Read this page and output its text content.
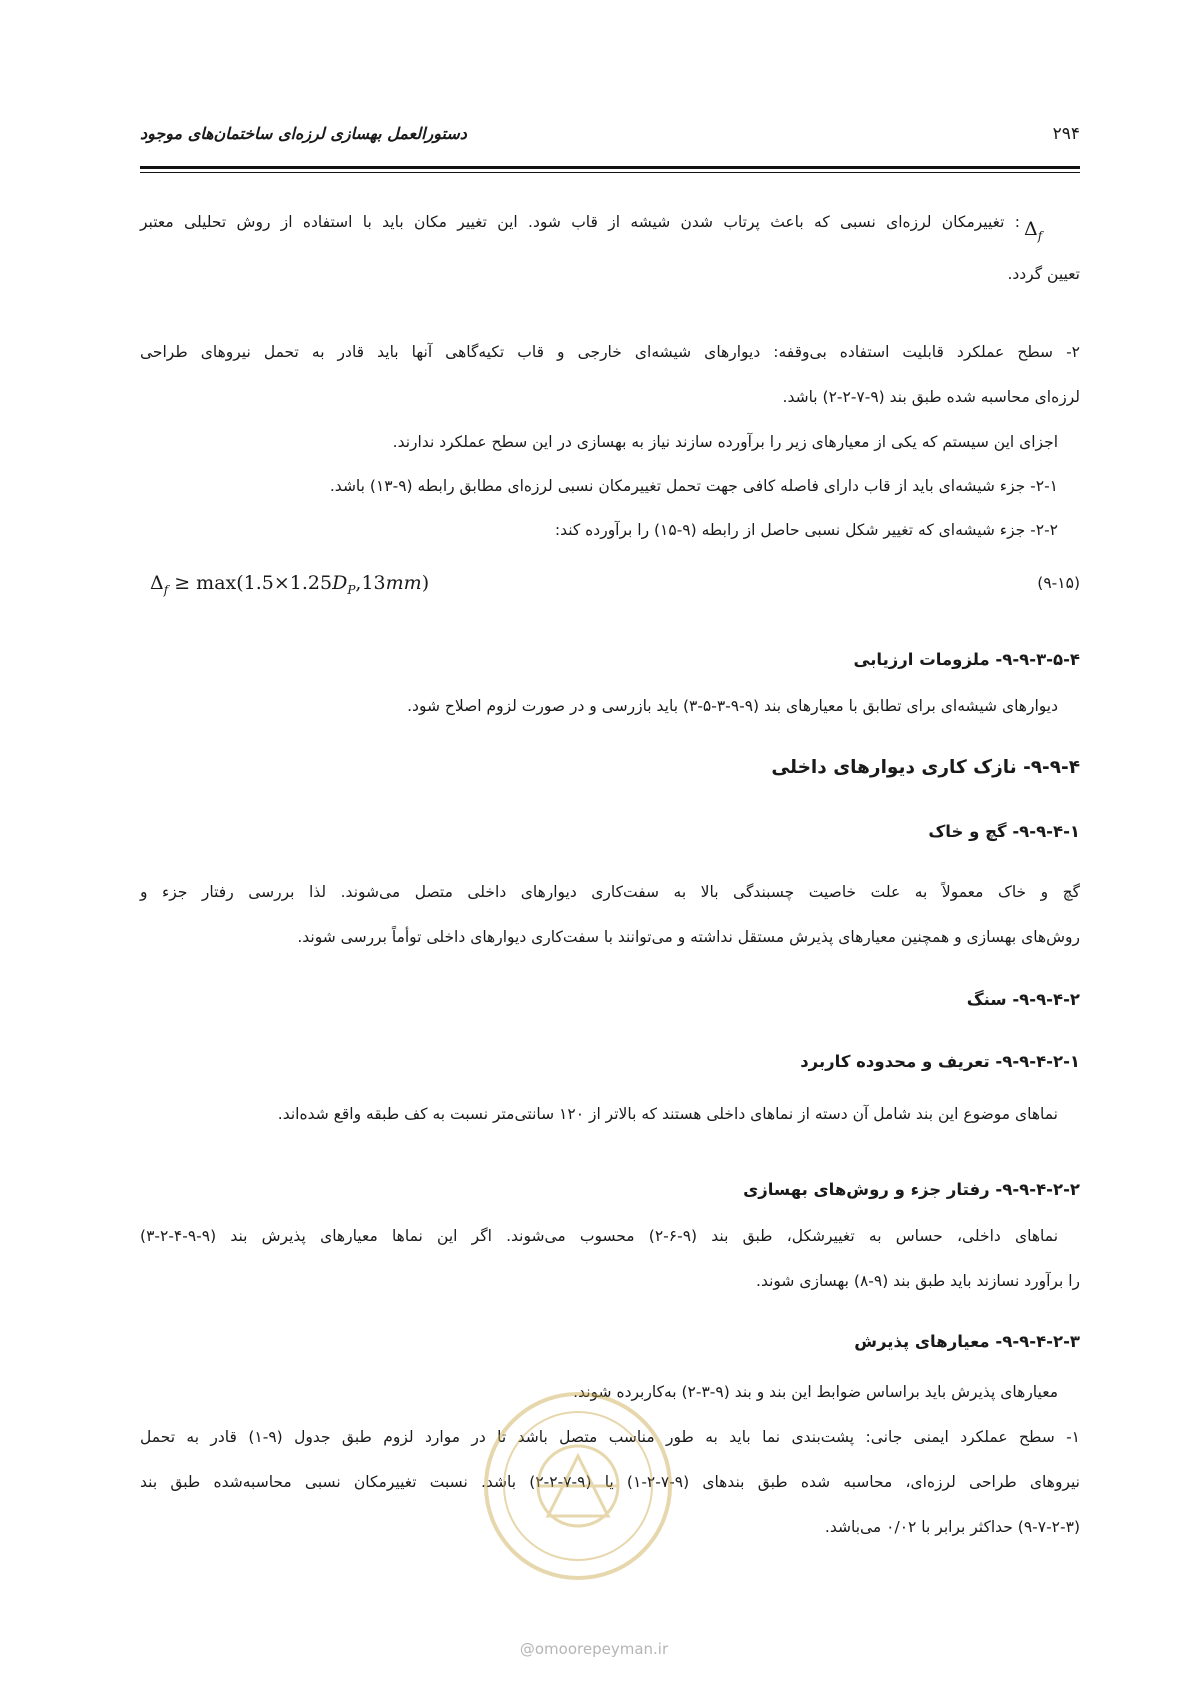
۲۹۴
دستورالعمل بهسازی لرزه‌ای ساختمان‌های موجود
$\Delta_f$
: تغییرمکان لرزه‌ای نسبی که باعث پرتاب شدن شیشه از قاب شود. این تغییر مکان باید با استفاده از روش تحلیلی معتبر
تعیین گردد.
۲- سطح عملکرد قابلیت استفاده بی‌وقفه: دیوارهای شیشه‌ای خارجی و قاب تکیه‌گاهی آنها باید قادر به تحمل نیروهای طراحی
لرزه‌ای محاسبه شده طبق بند (۹-۷-۲-۲) باشد.
اجزای این سیستم که یکی از معیارهای زیر را برآورده سازند نیاز به بهسازی در این سطح عملکرد ندارند.
۲-۱- جزء شیشه‌ای باید از قاب دارای فاصله کافی جهت تحمل تغییرمکان نسبی لرزه‌ای مطابق رابطه (۹-۱۳) باشد.
۲-۲- جزء شیشه‌ای که تغییر شکل نسبی حاصل از رابطه (۹-۱۵) را برآورده کند:
$\Delta_f \ge \max(1.5\times 1.25D_P,13mm)$	(۹-۱۵)
۹-۹-۳-۵-۴- ملزومات ارزیابی
دیوارهای شیشه‌ای برای تطابق با معیارهای بند (۹-۹-۳-۵-۳) باید بازرسی و در صورت لزوم اصلاح شود.
۹-۹-۴- نازک کاری دیوارهای داخلی
۹-۹-۴-۱- گچ و خاک
گچ و خاک معمولاً به علت خاصیت چسبندگی بالا به سفت‌کاری دیوارهای داخلی متصل می‌شوند. لذا بررسی رفتار جزء و
روش‌های بهسازی و همچنین معیارهای پذیرش مستقل نداشته و می‌توانند با سفت‌کاری دیوارهای داخلی توأماً بررسی شوند.
۹-۹-۴-۲- سنگ
۹-۹-۴-۲-۱- تعریف و محدوده کاربرد
نماهای موضوع این بند شامل آن دسته از نماهای داخلی هستند که بالاتر از ۱۲۰ سانتی‌متر نسبت به کف طبقه واقع شده‌اند.
۹-۹-۴-۲-۲- رفتار جزء و روش‌های بهسازی
نماهای داخلی، حساس به تغییرشکل، طبق بند (۹-۶-۲) محسوب می‌شوند. اگر این نماها معیارهای پذیرش بند (۹-۹-۴-۲-۳)
را برآورد نسازند باید طبق بند (۹-۸) بهسازی شوند.
۹-۹-۴-۲-۳- معیارهای پذیرش
معیارهای پذیرش باید براساس ضوابط این بند و بند (۹-۳-۲) به‌کاربرده شوند.
۱- سطح عملکرد ایمنی جانی: پشت‌بندی نما باید به طور مناسب متصل باشد تا در موارد لزوم طبق جدول (۹-۱) قادر به تحمل
نیروهای طراحی لرزه‌ای، محاسبه شده طبق بندهای (۹-۷-۲-۱) یا (۹-۷-۲-۲) باشد. نسبت تغییرمکان نسبی محاسبه‌شده طبق بند
(۹-۷-۲-۳) حداکثر برابر با ۰/۰۲ می‌باشد.
@omoorepeyman.ir
